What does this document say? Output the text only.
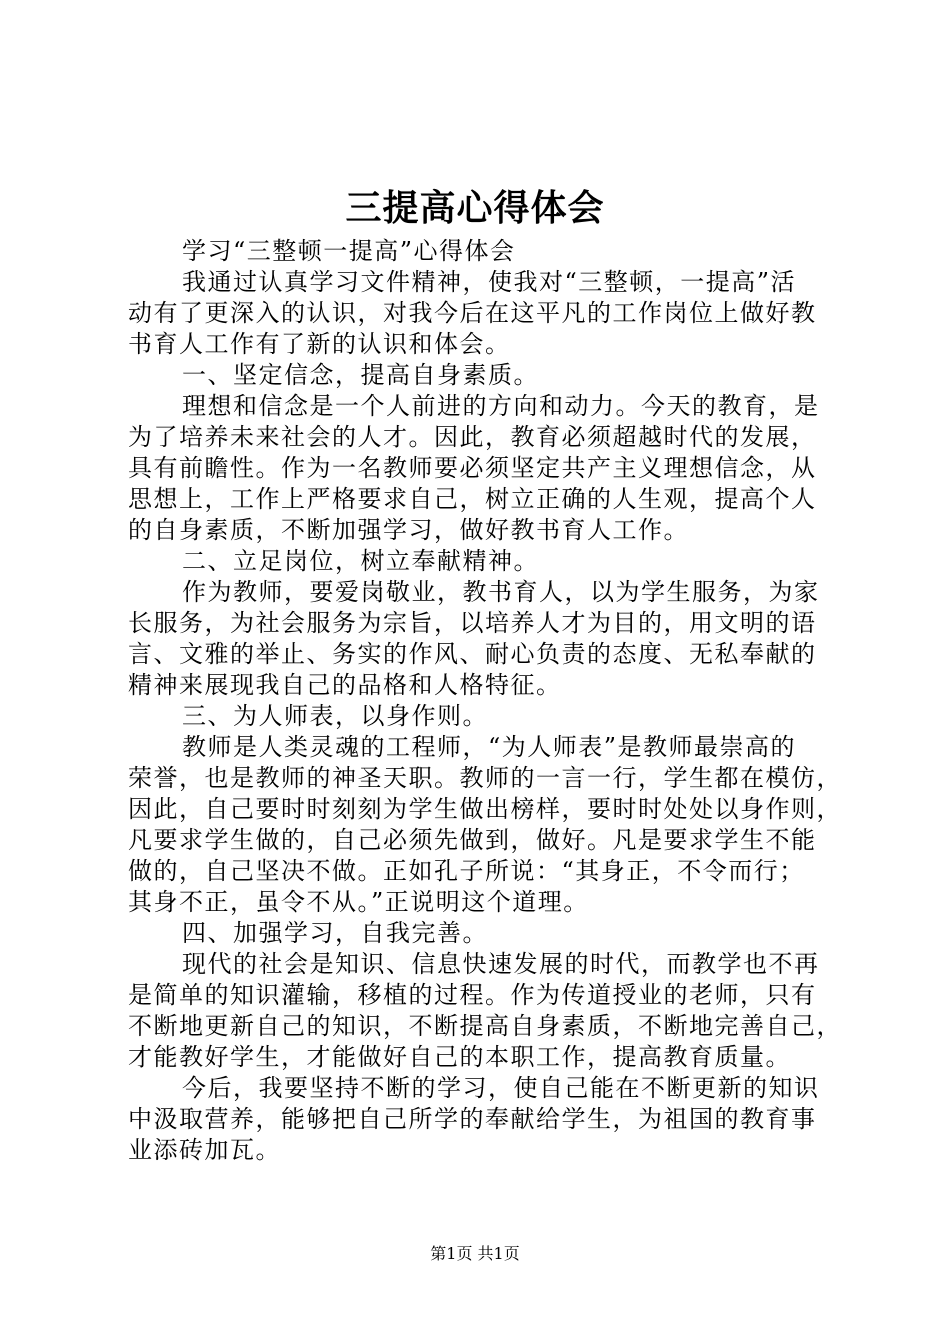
三提高心得体会
学习“三整顿一提高”心得体会
我通过认真学习文件精神，使我对“三整顿，一提高”活
动有了更深入的认识，对我今后在这平凡的工作岗位上做好教
书育人工作有了新的认识和体会。
一、坚定信念，提高自身素质。
理想和信念是一个人前进的方向和动力。今天的教育，是
为了培养未来社会的人才。因此，教育必须超越时代的发展，
具有前瞻性。作为一名教师要必须坚定共产主义理想信念，从
思想上，工作上严格要求自己，树立正确的人生观，提高个人
的自身素质，不断加强学习，做好教书育人工作。
二、立足岗位，树立奉献精神。
作为教师，要爱岗敬业，教书育人，以为学生服务，为家
长服务，为社会服务为宗旨，以培养人才为目的，用文明的语
言、文雅的举止、务实的作风、耐心负责的态度、无私奉献的
精神来展现我自己的品格和人格特征。
三、为人师表，以身作则。
教师是人类灵魂的工程师，“为人师表”是教师最崇高的
荣誉，也是教师的神圣天职。教师的一言一行，学生都在模仿，
因此，自己要时时刻刻为学生做出榜样，要时时处处以身作则，
凡要求学生做的，自己必须先做到，做好。凡是要求学生不能
做的，自己坚决不做。正如孔子所说：“其身正，不令而行；
其身不正，虽令不从。”正说明这个道理。
四、加强学习，自我完善。
现代的社会是知识、信息快速发展的时代，而教学也不再
是简单的知识灌输，移植的过程。作为传道授业的老师，只有
不断地更新自己的知识，不断提高自身素质，不断地完善自己，
才能教好学生，才能做好自己的本职工作，提高教育质量。
今后，我要坚持不断的学习，使自己能在不断更新的知识
中汲取营养，能够把自己所学的奉献给学生，为祖国的教育事
业添砖加瓦。
第1页 共1页
